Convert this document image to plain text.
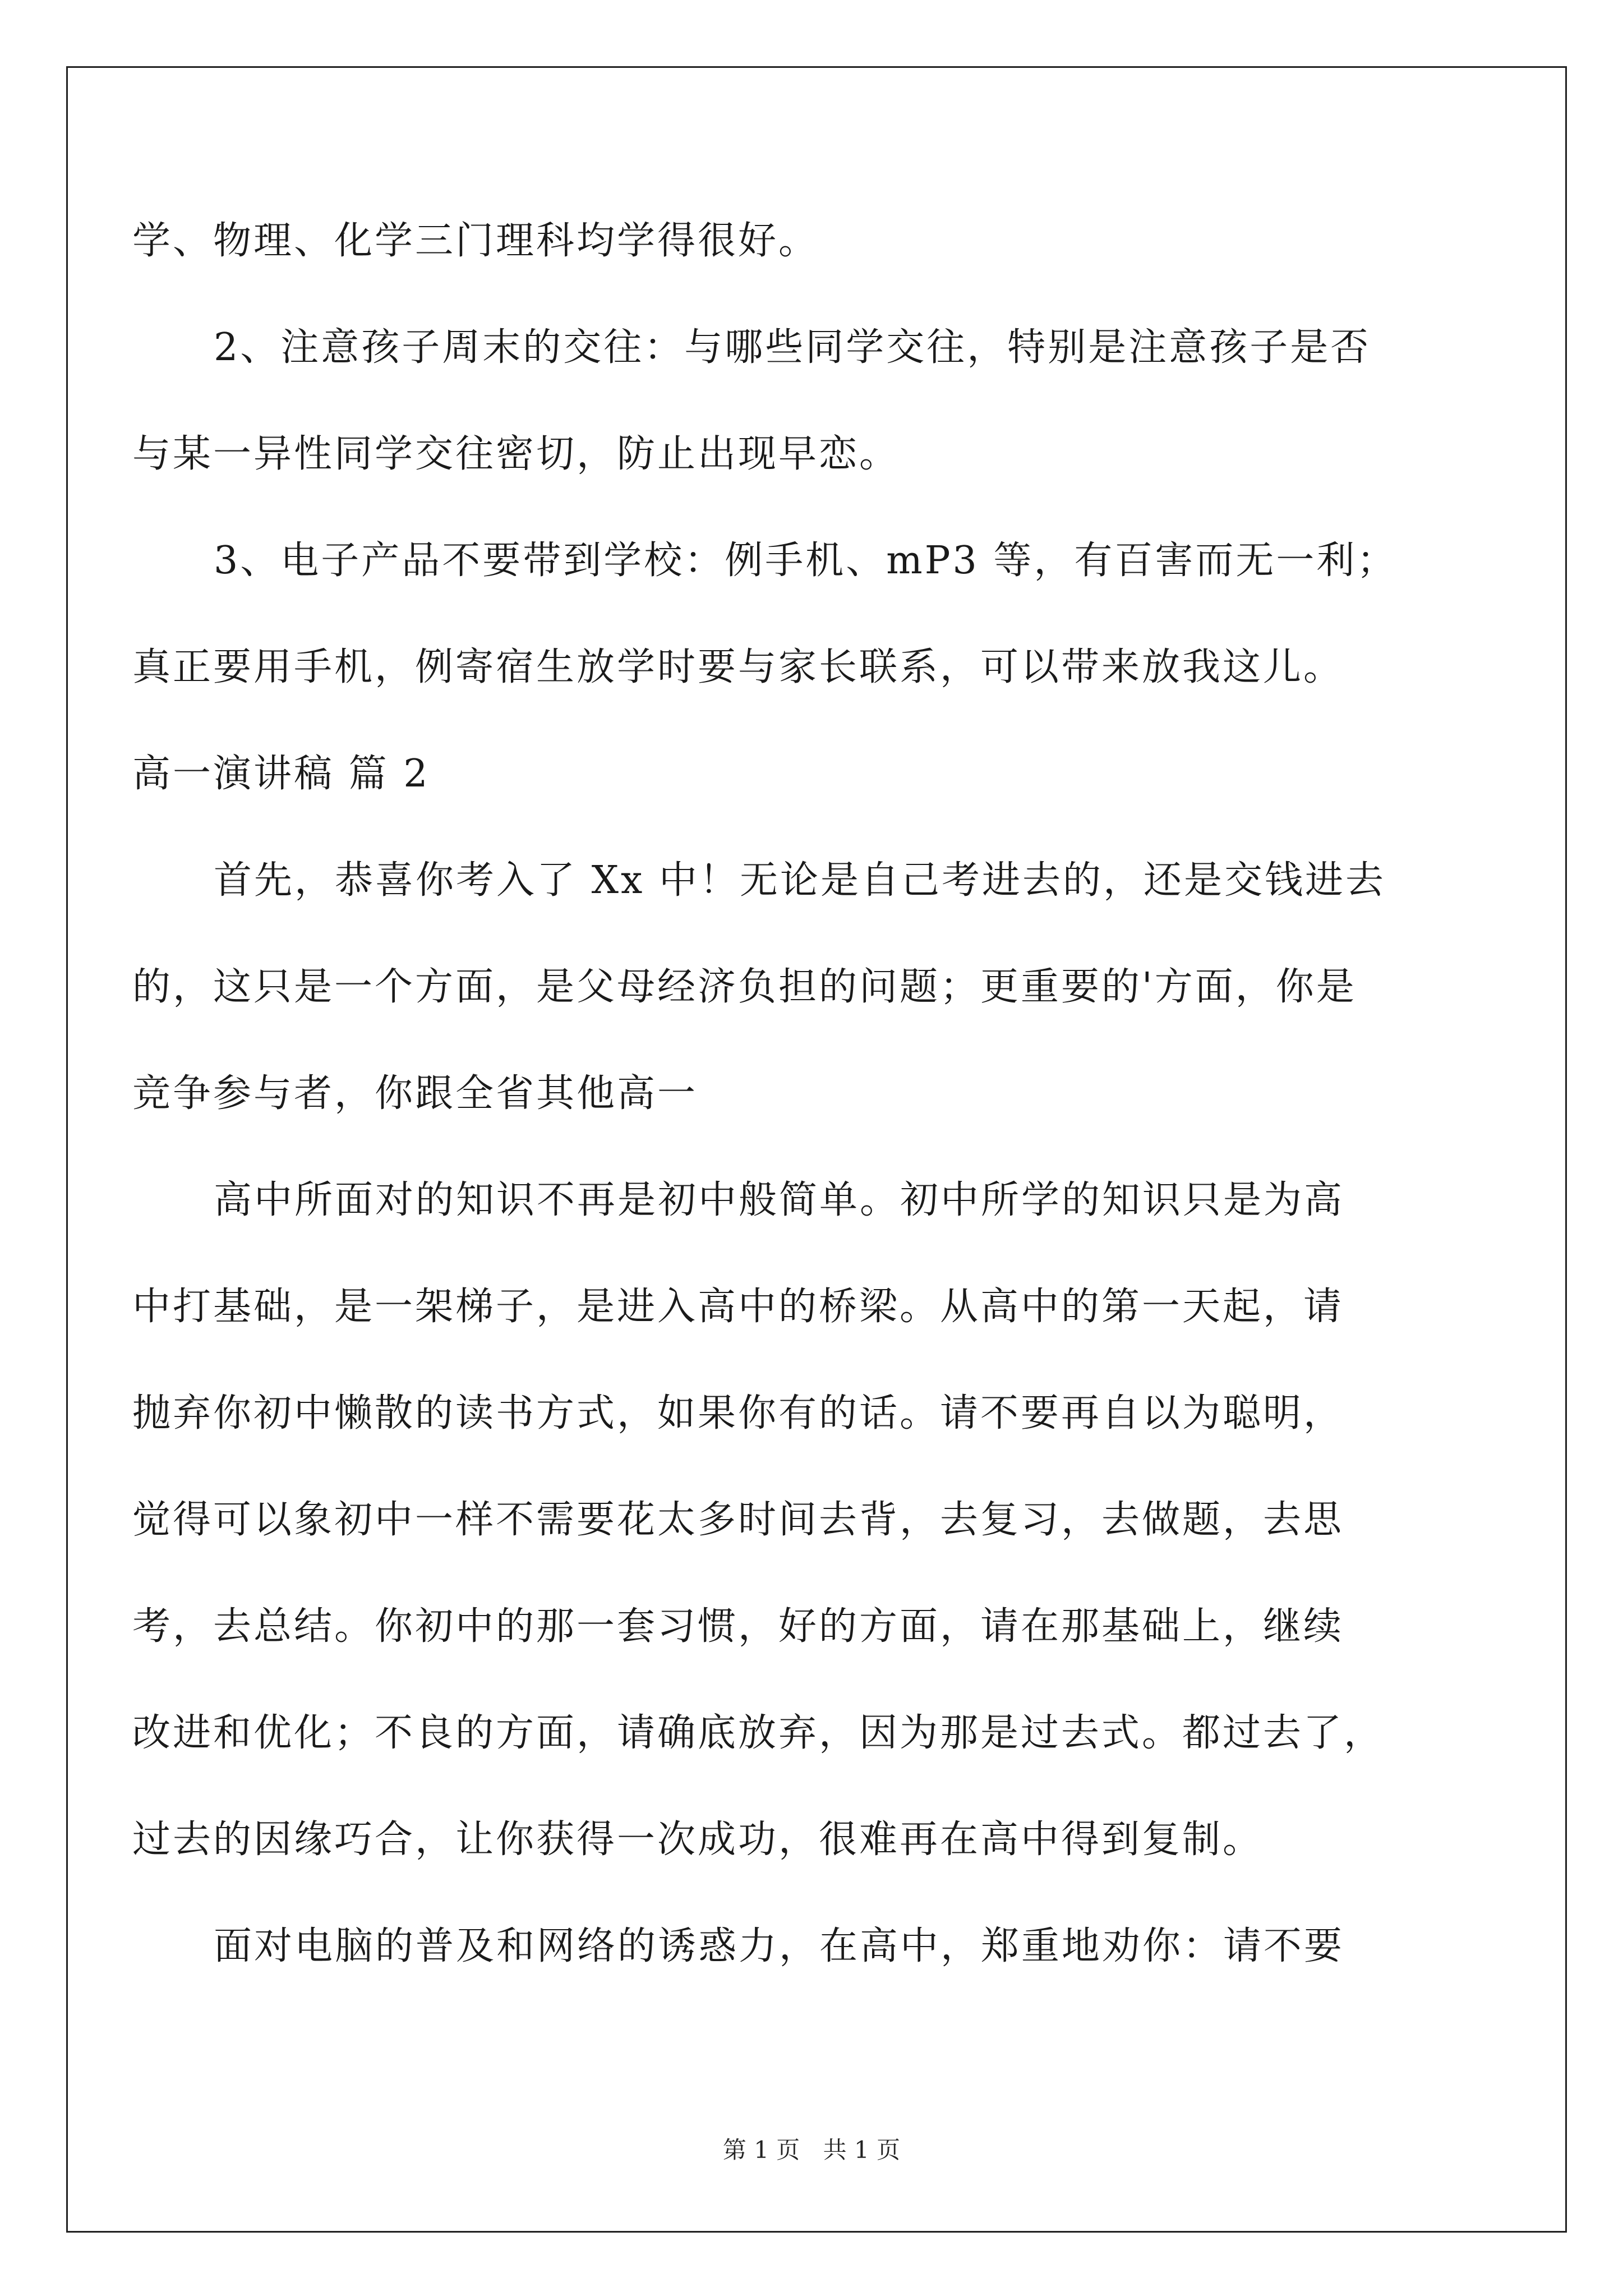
学、物理、化学三门理科均学得很好。
2、注意孩子周末的交往：与哪些同学交往，特别是注意孩子是否
与某一异性同学交往密切，防止出现早恋。
3、电子产品不要带到学校：例手机、mP3 等，有百害而无一利；
真正要用手机，例寄宿生放学时要与家长联系，可以带来放我这儿。
高一演讲稿 篇 2
首先，恭喜你考入了 Xx 中！无论是自己考进去的，还是交钱进去
的，这只是一个方面，是父母经济负担的问题；更重要的'方面，你是
竞争参与者，你跟全省其他高一
高中所面对的知识不再是初中般简单。初中所学的知识只是为高
中打基础，是一架梯子，是进入高中的桥梁。从高中的第一天起，请
抛弃你初中懒散的读书方式，如果你有的话。请不要再自以为聪明，
觉得可以象初中一样不需要花太多时间去背，去复习，去做题，去思
考，去总结。你初中的那一套习惯，好的方面，请在那基础上，继续
改进和优化；不良的方面，请确底放弃，因为那是过去式。都过去了，
过去的因缘巧合，让你获得一次成功，很难再在高中得到复制。
面对电脑的普及和网络的诱惑力，在高中，郑重地劝你：请不要
第 1 页 共 1 页
